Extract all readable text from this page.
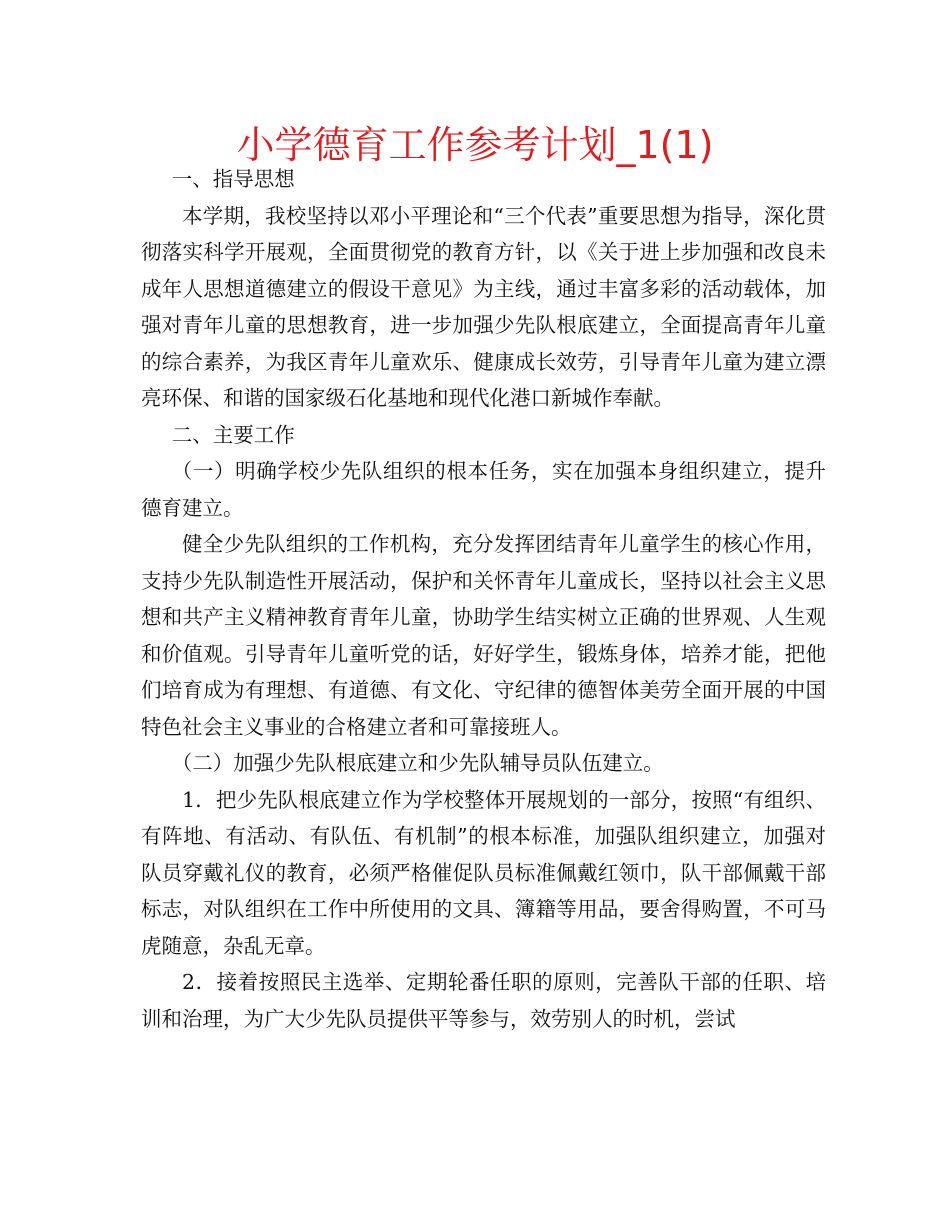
小学德育工作参考计划_1(1)

一、指导思想

本学期，我校坚持以邓小平理论和“三个代表”重要思想为指导，深化贯彻落实科学开展观，全面贯彻党的教育方针，以《关于进上步加强和改良未成年人思想道德建立的假设干意见》为主线，通过丰富多彩的活动载体，加强对青年儿童的思想教育，进一步加强少先队根底建立，全面提高青年儿童的综合素养，为我区青年儿童欢乐、健康成长效劳，引导青年儿童为建立漂亮环保、和谐的国家级石化基地和现代化港口新城作奉献。

二、主要工作

（一）明确学校少先队组织的根本任务，实在加强本身组织建立，提升德育建立。

健全少先队组织的工作机构，充分发挥团结青年儿童学生的核心作用，支持少先队制造性开展活动，保护和关怀青年儿童成长，坚持以社会主义思想和共产主义精神教育青年儿童，协助学生结实树立正确的世界观、人生观和价值观。引导青年儿童听党的话，好好学生，锻炼身体，培养才能，把他们培育成为有理想、有道德、有文化、守纪律的德智体美劳全面开展的中国特色社会主义事业的合格建立者和可靠接班人。

（二）加强少先队根底建立和少先队辅导员队伍建立。

1．把少先队根底建立作为学校整体开展规划的一部分，按照“有组织、有阵地、有活动、有队伍、有机制”的根本标准，加强队组织建立，加强对队员穿戴礼仪的教育，必须严格催促队员标准佩戴红领巾，队干部佩戴干部标志，对队组织在工作中所使用的文具、簿籍等用品，要舍得购置，不可马虎随意，杂乱无章。

2．接着按照民主选举、定期轮番任职的原则，完善队干部的任职、培训和治理，为广大少先队员提供平等参与，效劳别人的时机，尝试
